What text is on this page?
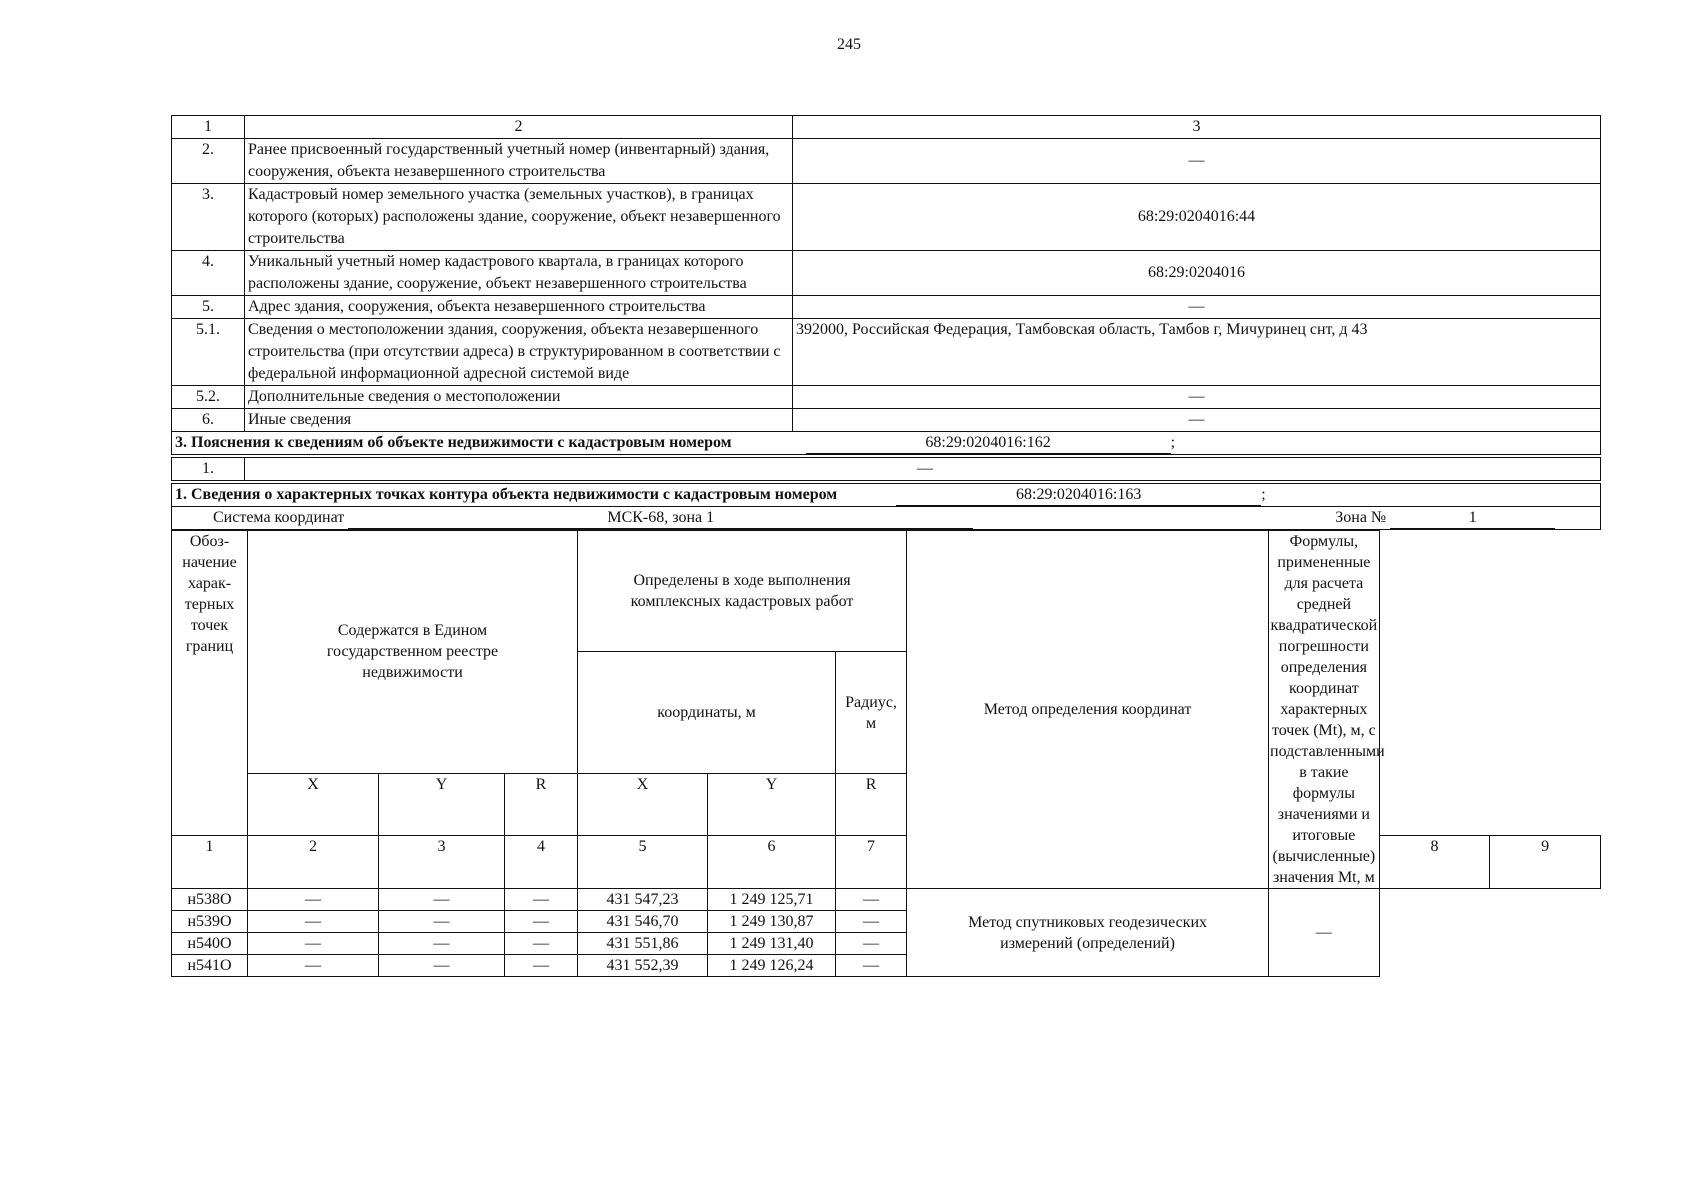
245
1	2	3
2.	Ранее присвоенный государственный учетный номер (инвентарный) здания, сооружения, объекта незавершенного строительства	—
3.	Кадастровый номер земельного участка (земельных участков), в границах которого (которых) расположены здание, сооружение, объект незавершенного строительства	68:29:0204016:44
4.	Уникальный учетный номер кадастрового квартала, в границах которого расположены здание, сооружение, объект незавершенного строительства	68:29:0204016
5.	Адрес здания, сооружения, объекта незавершенного строительства	—
5.1.	Сведения о местоположении здания, сооружения, объекта незавершенного строительства (при отсутствии адреса) в структурированном в соответствии с федеральной информационной адресной системой виде	392000, Российская Федерация, Тамбовская область, Тамбов г, Мичуринец снт, д 43
5.2.	Дополнительные сведения о местоположении	—
6.	Иные сведения	—
3. Пояснения к сведениям об объекте недвижимости с кадастровым номером 68:29:0204016:162 ;		

1.	—	

1. Сведения о характерных точках контура объекта недвижимости с кадастровым номером 68:29:0204016:163 ;		
Система координат МСК-68, зона 1 Зона № 1		
Обоз- начение харак- терных точек границ	Содержатся в Едином государственном реестре недвижимости			Определены в ходе выполнения комплексных кадастровых работ			Метод определения координат	Формулы, примененные для расчета средней квадратической погрешности определения координат характерных точек (Mt), м, с подставленными в такие формулы значениями и итоговые (вычисленные) значения Mt, м		
				координаты, м		Радиус, м				
	X	Y	R	X	Y	R				
1	2	3	4	5	6	7			8	9
н538О	—	—	—	431 547,23	1 249 125,71	—	Метод спутниковых геодезических измерений (определений)	—		
н539О	—	—	—	431 546,70	1 249 130,87	—				
н540О	—	—	—	431 551,86	1 249 131,40	—				
н541О	—	—	—	431 552,39	1 249 126,24	—				
